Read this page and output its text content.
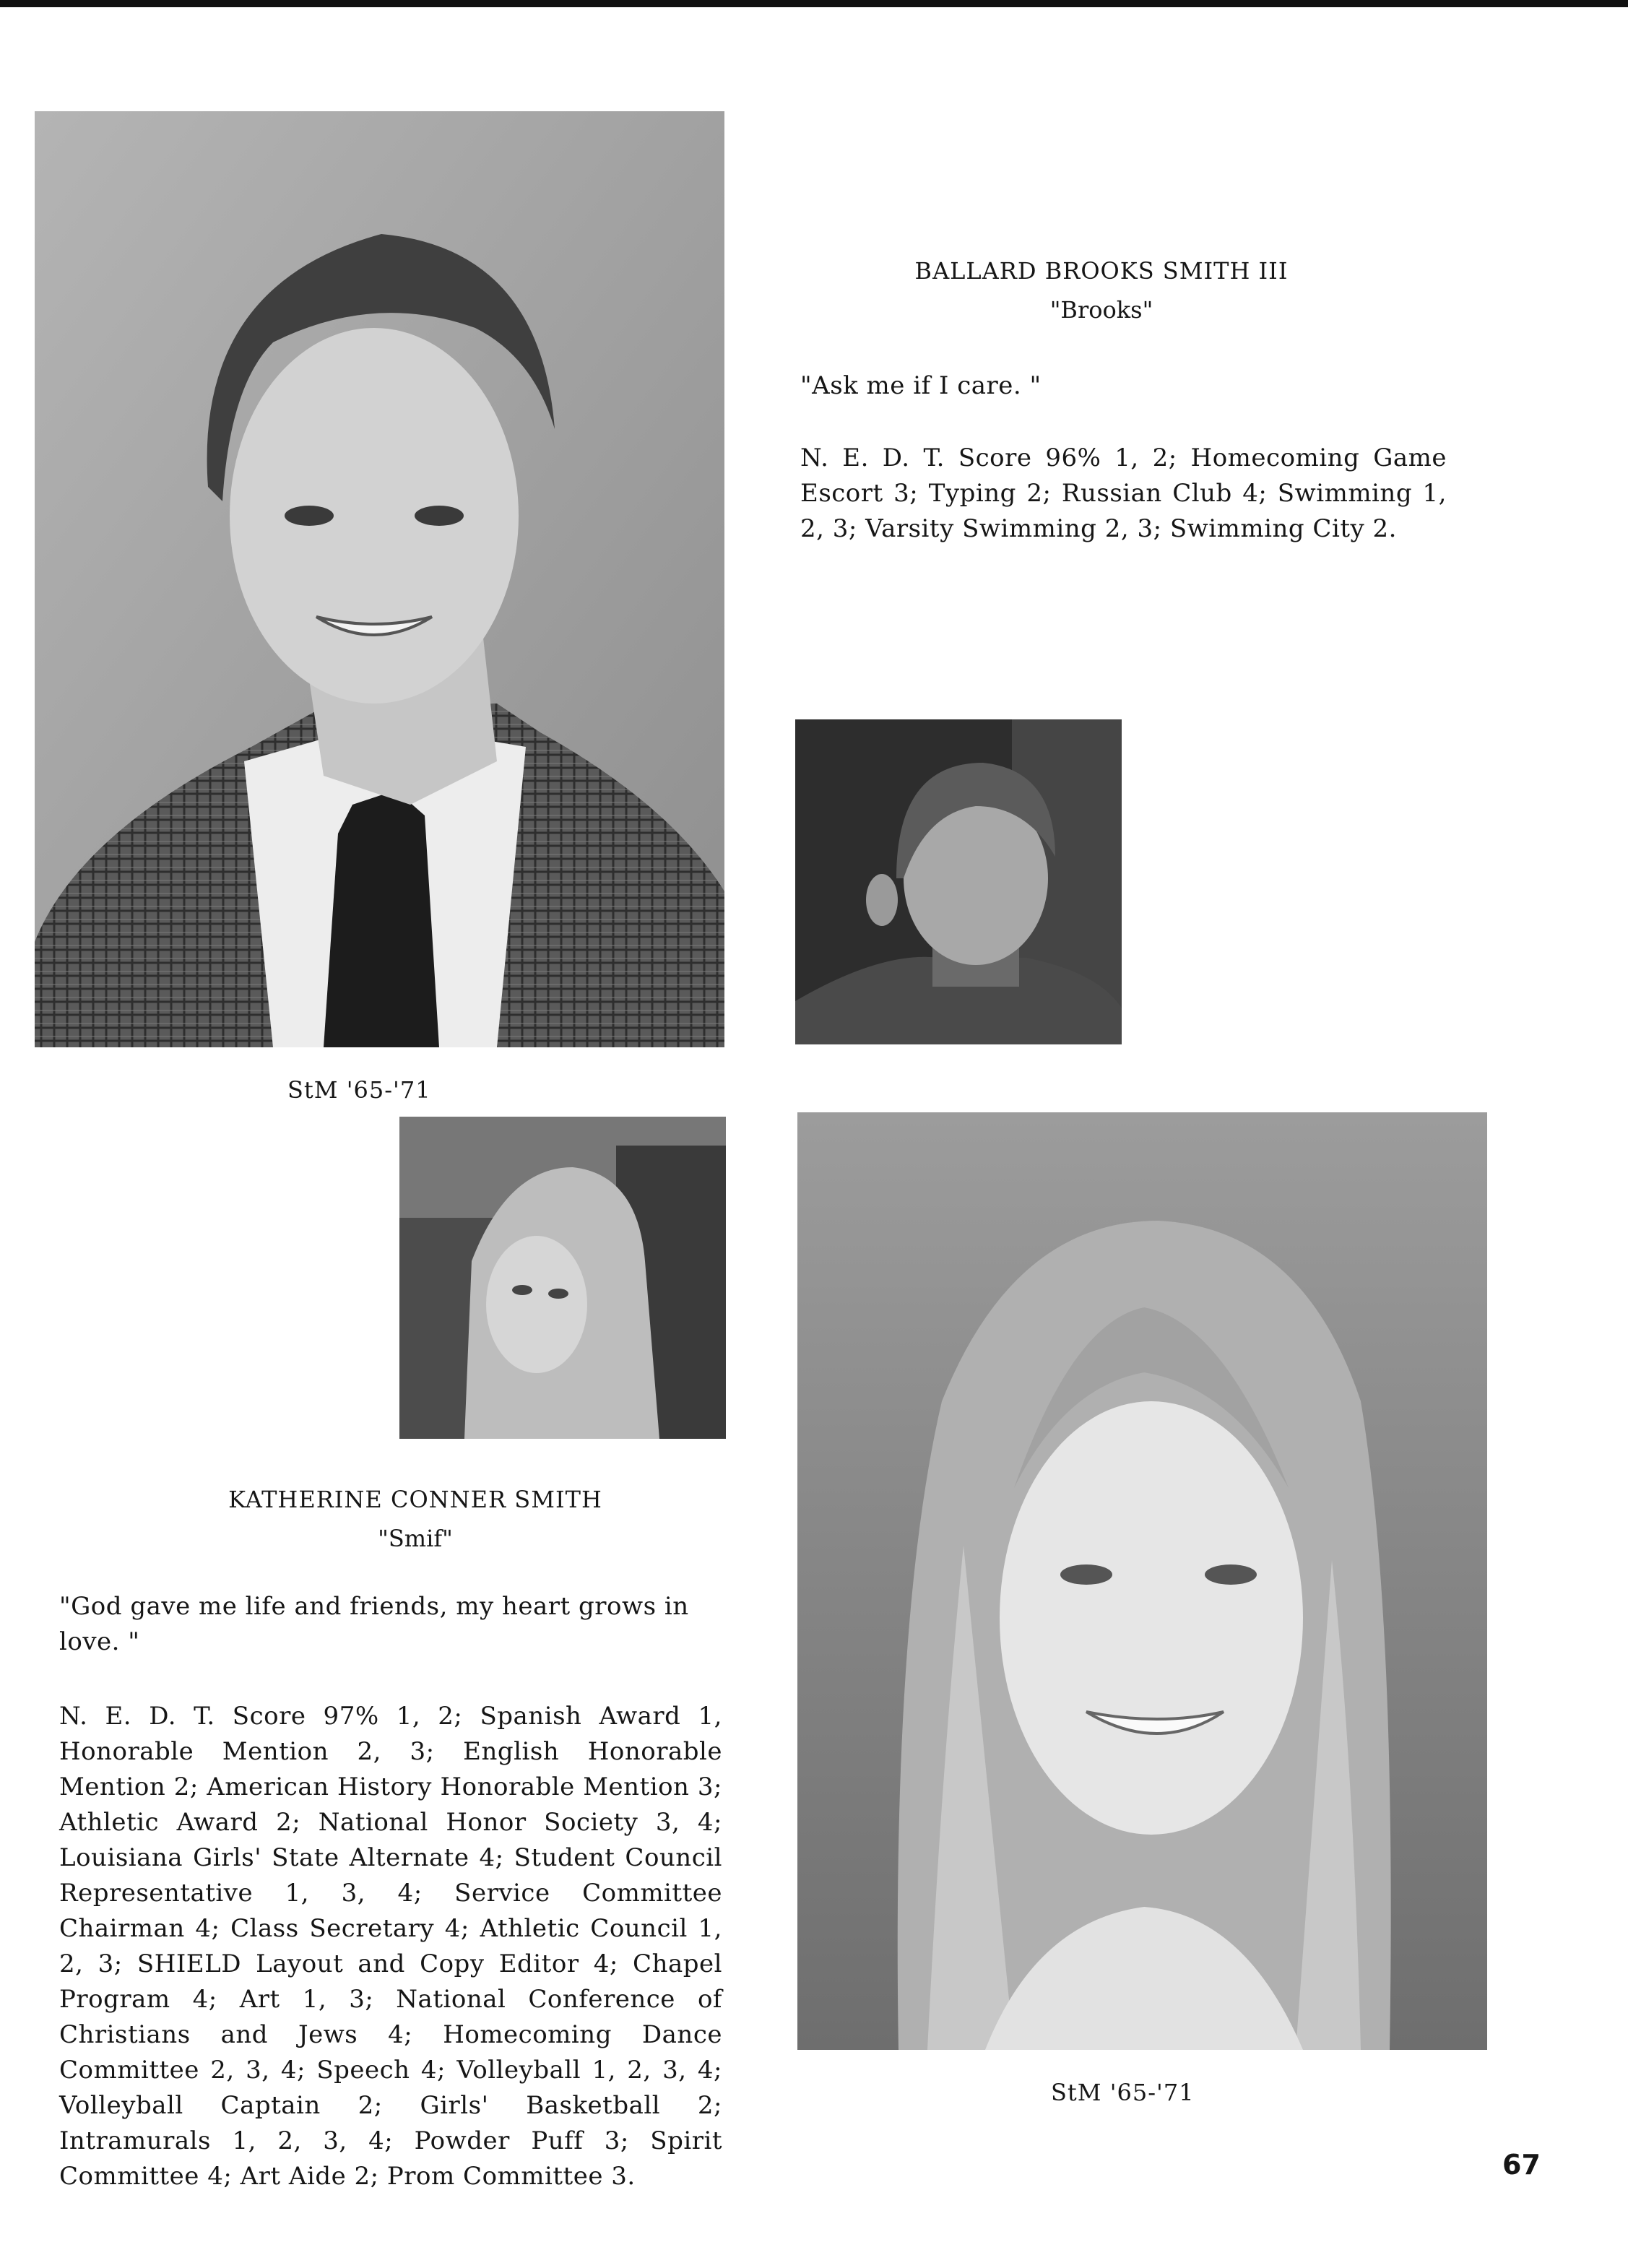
BALLARD BROOKS SMITH III
"Brooks"
"Ask me if I care. "
N. E. D. T. Score 96% 1, 2; Homecoming Game Escort 3; Typing 2; Russian Club 4; Swimming 1, 2, 3; Varsity Swimming 2, 3; Swimming City 2.
StM '65-'71
KATHERINE CONNER SMITH
"Smif"
"God gave me life and friends, my heart grows in love. "
N. E. D. T. Score 97% 1, 2; Spanish Award 1, Honorable Mention 2, 3; English Honorable Mention 2; American History Honorable Mention 3; Athletic Award 2; National Honor Society 3, 4; Louisiana Girls' State Alternate 4; Student Council Representative 1, 3, 4; Service Committee Chairman 4; Class Secretary 4; Athletic Council 1, 2, 3; SHIELD Layout and Copy Editor 4; Chapel Program 4; Art 1, 3; National Conference of Christians and Jews 4; Homecoming Dance Committee 2, 3, 4; Speech 4; Volleyball 1, 2, 3, 4; Volleyball Captain 2; Girls' Basketball 2; Intramurals 1, 2, 3, 4; Powder Puff 3; Spirit Committee 4; Art Aide 2; Prom Committee 3.
StM '65-'71
67
